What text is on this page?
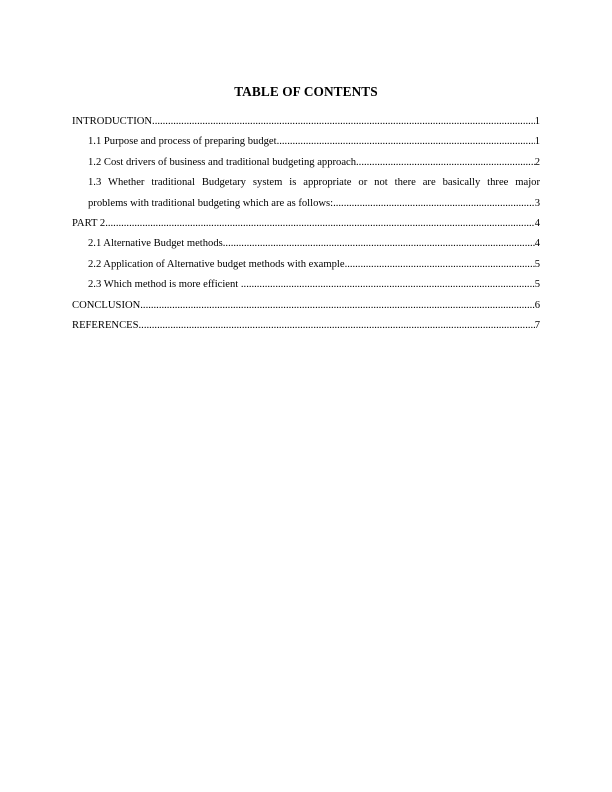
TABLE OF CONTENTS
INTRODUCTION .....	1
1.1 Purpose and process of preparing budget .....	1
1.2 Cost drivers of business and traditional budgeting approach .....	2
1.3 Whether traditional Budgetary system is appropriate or not there are basically three major
problems with traditional budgeting which are as follows: .....	3
PART 2 .....	4
2.1 Alternative Budget methods .....	4
2.2 Application of Alternative budget methods with example .....	5
2.3 Which method is more efficient .....	5
CONCLUSION .....	6
REFERENCES .....	7
